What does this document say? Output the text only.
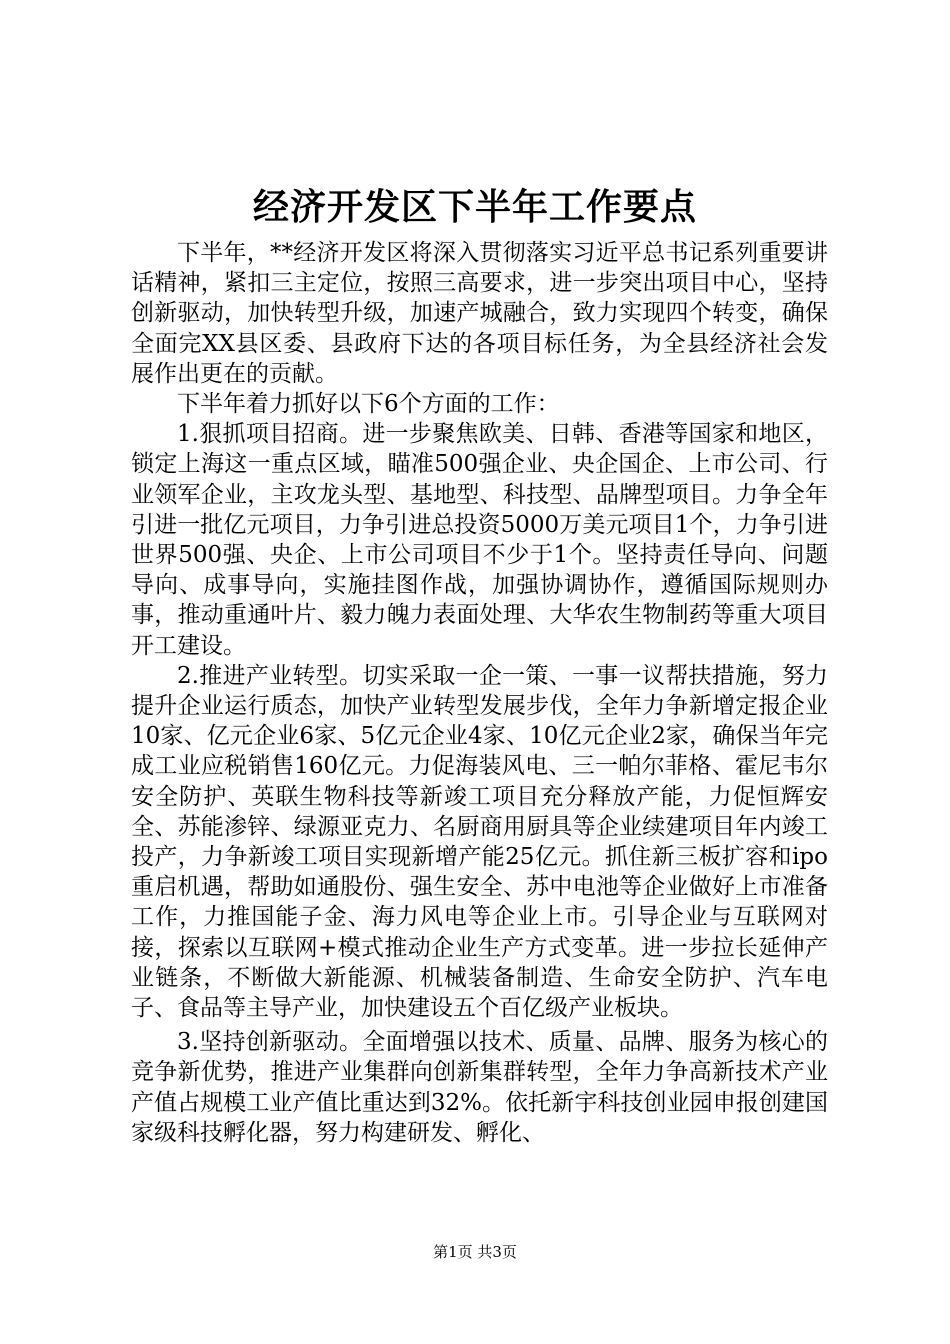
经济开发区下半年工作要点

下半年，**经济开发区将深入贯彻落实习近平总书记系列重要讲话精神，紧扣三主定位，按照三高要求，进一步突出项目中心，坚持创新驱动，加快转型升级，加速产城融合，致力实现四个转变，确保全面完XX县区委、县政府下达的各项目标任务，为全县经济社会发展作出更在的贡献。

下半年着力抓好以下6个方面的工作：

1.狠抓项目招商。进一步聚焦欧美、日韩、香港等国家和地区，锁定上海这一重点区域，瞄准500强企业、央企国企、上市公司、行业领军企业，主攻龙头型、基地型、科技型、品牌型项目。力争全年引进一批亿元项目，力争引进总投资5000万美元项目1个，力争引进世界500强、央企、上市公司项目不少于1个。坚持责任导向、问题导向、成事导向，实施挂图作战，加强协调协作，遵循国际规则办事，推动重通叶片、毅力魄力表面处理、大华农生物制药等重大项目开工建设。

2.推进产业转型。切实采取一企一策、一事一议帮扶措施，努力提升企业运行质态，加快产业转型发展步伐，全年力争新增定报企业10家、亿元企业6家、5亿元企业4家、10亿元企业2家，确保当年完成工业应税销售160亿元。力促海装风电、三一帕尔菲格、霍尼韦尔安全防护、英联生物科技等新竣工项目充分释放产能，力促恒辉安全、苏能渗锌、绿源亚克力、名厨商用厨具等企业续建项目年内竣工投产，力争新竣工项目实现新增产能25亿元。抓住新三板扩容和ipo重启机遇，帮助如通股份、强生安全、苏中电池等企业做好上市准备工作，力推国能子金、海力风电等企业上市。引导企业与互联网对接，探索以互联网+模式推动企业生产方式变革。进一步拉长延伸产业链条，不断做大新能源、机械装备制造、生命安全防护、汽车电子、食品等主导产业，加快建设五个百亿级产业板块。

3.坚持创新驱动。全面增强以技术、质量、品牌、服务为核心的竞争新优势，推进产业集群向创新集群转型，全年力争高新技术产业产值占规模工业产值比重达到32%。依托新宇科技创业园申报创建国家级科技孵化器，努力构建研发、孵化、

第1页 共3页
